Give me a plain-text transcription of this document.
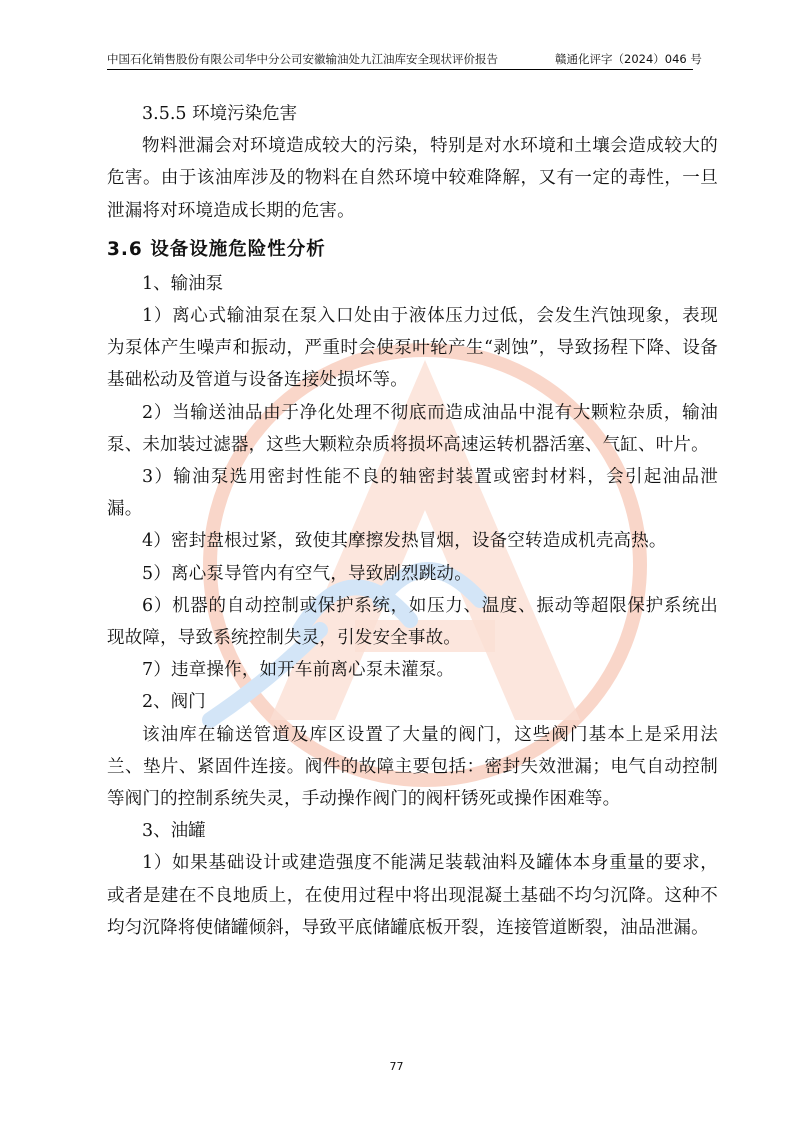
中国石化销售股份有限公司华中分公司安徽输油处九江油库安全现状评价报告	赣通化评字（2024）046 号

3.5.5 环境污染危害

物料泄漏会对环境造成较大的污染，特别是对水环境和土壤会造成较大的危害。由于该油库涉及的物料在自然环境中较难降解，又有一定的毒性，一旦泄漏将对环境造成长期的危害。

3.6 设备设施危险性分析

1、输油泵

1）离心式输油泵在泵入口处由于液体压力过低，会发生汽蚀现象，表现为泵体产生噪声和振动，严重时会使泵叶轮产生“剥蚀”，导致扬程下降、设备基础松动及管道与设备连接处损坏等。

2）当输送油品由于净化处理不彻底而造成油品中混有大颗粒杂质，输油泵、未加装过滤器，这些大颗粒杂质将损坏高速运转机器活塞、气缸、叶片。

3）输油泵选用密封性能不良的轴密封装置或密封材料，会引起油品泄漏。

4）密封盘根过紧，致使其摩擦发热冒烟，设备空转造成机壳高热。

5）离心泵导管内有空气，导致剧烈跳动。

6）机器的自动控制或保护系统，如压力、温度、振动等超限保护系统出现故障，导致系统控制失灵，引发安全事故。

7）违章操作，如开车前离心泵未灌泵。

2、阀门

该油库在输送管道及库区设置了大量的阀门，这些阀门基本上是采用法兰、垫片、紧固件连接。阀件的故障主要包括：密封失效泄漏；电气自动控制等阀门的控制系统失灵，手动操作阀门的阀杆锈死或操作困难等。

3、油罐

1）如果基础设计或建造强度不能满足装载油料及罐体本身重量的要求，或者是建在不良地质上，在使用过程中将出现混凝土基础不均匀沉降。这种不均匀沉降将使储罐倾斜，导致平底储罐底板开裂，连接管道断裂，油品泄漏。

77
